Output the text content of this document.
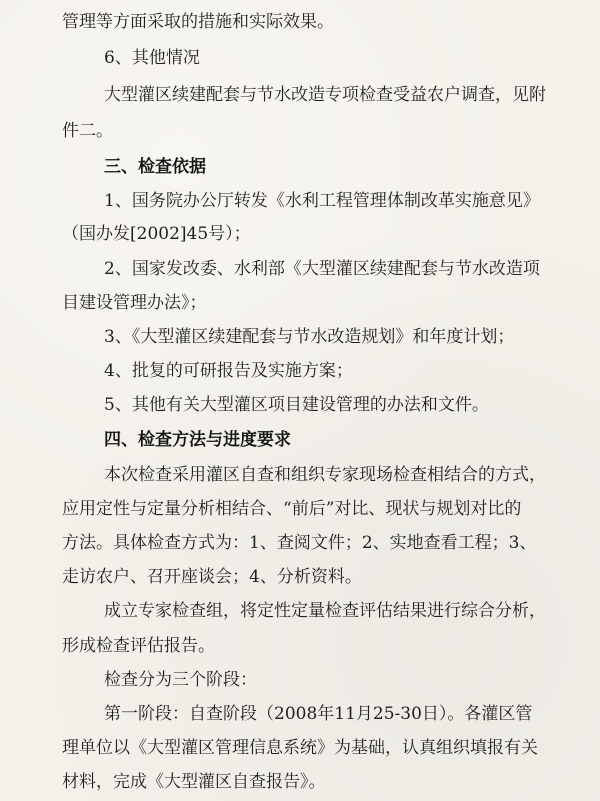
管理等方面采取的措施和实际效果。
6、其他情况
大型灌区续建配套与节水改造专项检查受益农户调查，见附
件二。
三、检查依据
1、国务院办公厅转发《水利工程管理体制改革实施意见》
（国办发[2002]45号）；
2、国家发改委、水利部《大型灌区续建配套与节水改造项
目建设管理办法》；
3、《大型灌区续建配套与节水改造规划》和年度计划；
4、批复的可研报告及实施方案；
5、其他有关大型灌区项目建设管理的办法和文件。
四、检查方法与进度要求
本次检查采用灌区自查和组织专家现场检查相结合的方式，
应用定性与定量分析相结合、“前后”对比、现状与规划对比的
方法。具体检查方式为：1、查阅文件；2、实地查看工程；3、
走访农户、召开座谈会；4、分析资料。
成立专家检查组，将定性定量检查评估结果进行综合分析，
形成检查评估报告。
检查分为三个阶段：
第一阶段：自查阶段（2008年11月25-30日）。各灌区管
理单位以《大型灌区管理信息系统》为基础，认真组织填报有关
材料，完成《大型灌区自查报告》。
